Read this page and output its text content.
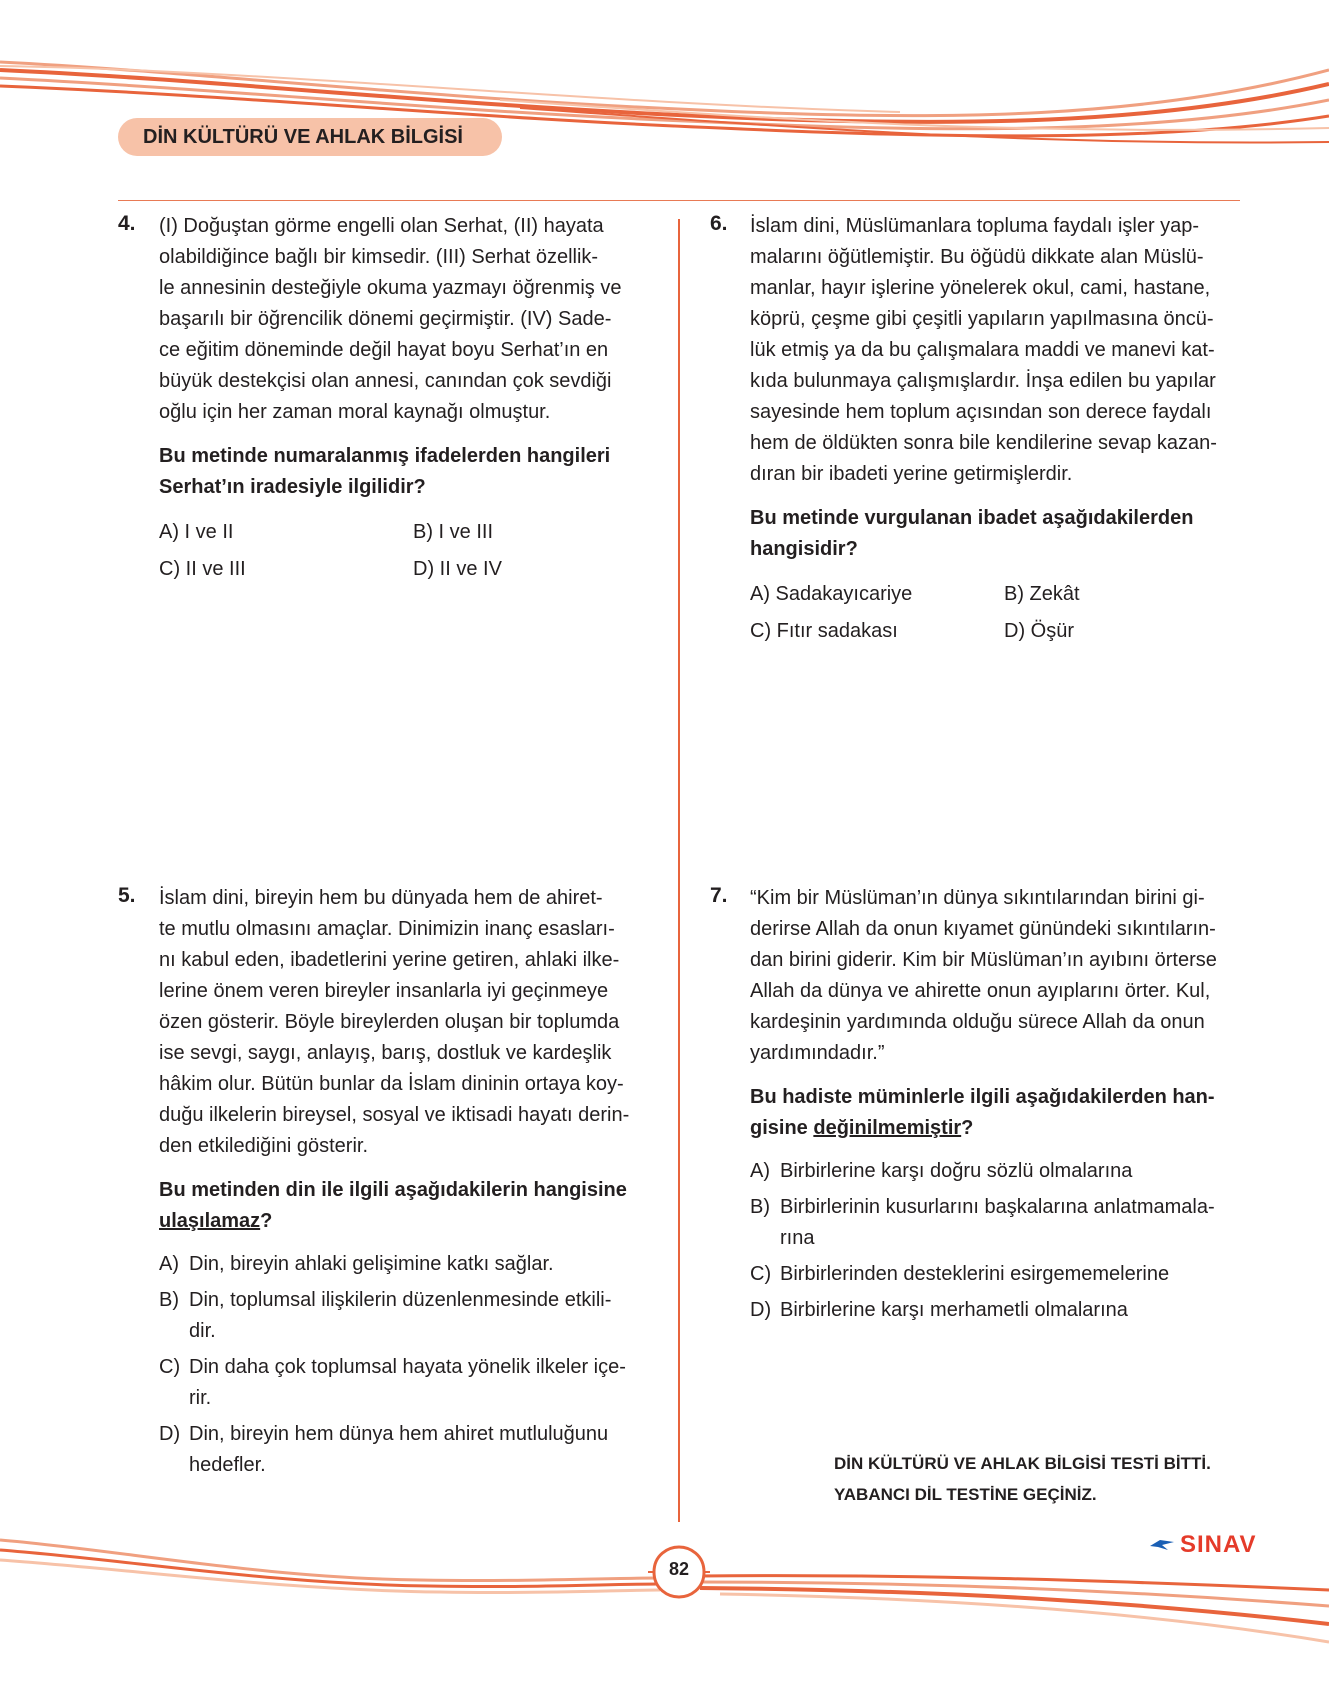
DİN KÜLTÜRÜ VE AHLAK BİLGİSİ
4. (I) Doğuştan görme engelli olan Serhat, (II) hayata

olabildiğince bağlı bir kimsedir. (III) Serhat özellik-

le annesinin desteğiyle okuma yazmayı öğrenmiş ve

başarılı bir öğrencilik dönemi geçirmiştir. (IV) Sade-

ce eğitim döneminde değil hayat boyu Serhat’ın en

büyük destekçisi olan annesi, canından çok sevdiği

oğlu için her zaman moral kaynağı olmuştur.

Bu metinde numaralanmış ifadelerden hangileri
Serhat’ın iradesiyle ilgilidir?
A) I ve II	B) I ve III
C) II ve III	D) II ve IV
6. İslam dini, Müslümanlara topluma faydalı işler yap-

malarını öğütlemiştir. Bu öğüdü dikkate alan Müslü-

manlar, hayır işlerine yönelerek okul, cami, hastane,

köprü, çeşme gibi çeşitli yapıların yapılmasına öncü-

lük etmiş ya da bu çalışmalara maddi ve manevi kat-

kıda bulunmaya çalışmışlardır. İnşa edilen bu yapılar

sayesinde hem toplum açısından son derece faydalı

hem de öldükten sonra bile kendilerine sevap kazan-

dıran bir ibadeti yerine getirmişlerdir.

Bu metinde vurgulanan ibadet aşağıdakilerden
hangisidir?
A) Sadakayıcariye	B) Zekât
C) Fıtır sadakası	D) Öşür
5. İslam dini, bireyin hem bu dünyada hem de ahiret-

te mutlu olmasını amaçlar. Dinimizin inanç esasları-

nı kabul eden, ibadetlerini yerine getiren, ahlaki ilke-

lerine önem veren bireyler insanlarla iyi geçinmeye

özen gösterir. Böyle bireylerden oluşan bir toplumda

ise sevgi, saygı, anlayış, barış, dostluk ve kardeşlik

hâkim olur. Bütün bunlar da İslam dininin ortaya koy-

duğu ilkelerin bireysel, sosyal ve iktisadi hayatı derin-

den etkilediğini gösterir.

Bu metinden din ile ilgili aşağıdakilerin hangisine
ulaşılamaz?
A) Din, bireyin ahlaki gelişimine katkı sağlar.
B) Din, toplumsal ilişkilerin düzenlenmesinde etkili-
dir.
C) Din daha çok toplumsal hayata yönelik ilkeler içe-
rir.
D) Din, bireyin hem dünya hem ahiret mutluluğunu
hedefler.
7. “Kim bir Müslüman’ın dünya sıkıntılarından birini gi-

derirse Allah da onun kıyamet günündeki sıkıntıların-

dan birini giderir. Kim bir Müslüman’ın ayıbını örterse

Allah da dünya ve ahirette onun ayıplarını örter. Kul,

kardeşinin yardımında olduğu sürece Allah da onun

yardımındadır.”

Bu hadiste müminlerle ilgili aşağıdakilerden han-
gisine değinilmemiştir?
A) Birbirlerine karşı doğru sözlü olmalarına
B) Birbirlerinin kusurlarını başkalarına anlatmamala-
rına
C) Birbirlerinden desteklerini esirgememelerine
D) Birbirlerine karşı merhametli olmalarına
DİN KÜLTÜRÜ VE AHLAK BİLGİSİ TESTİ BİTTİ.
YABANCI DİL TESTİNE GEÇİNİZ.
82
SINAV
